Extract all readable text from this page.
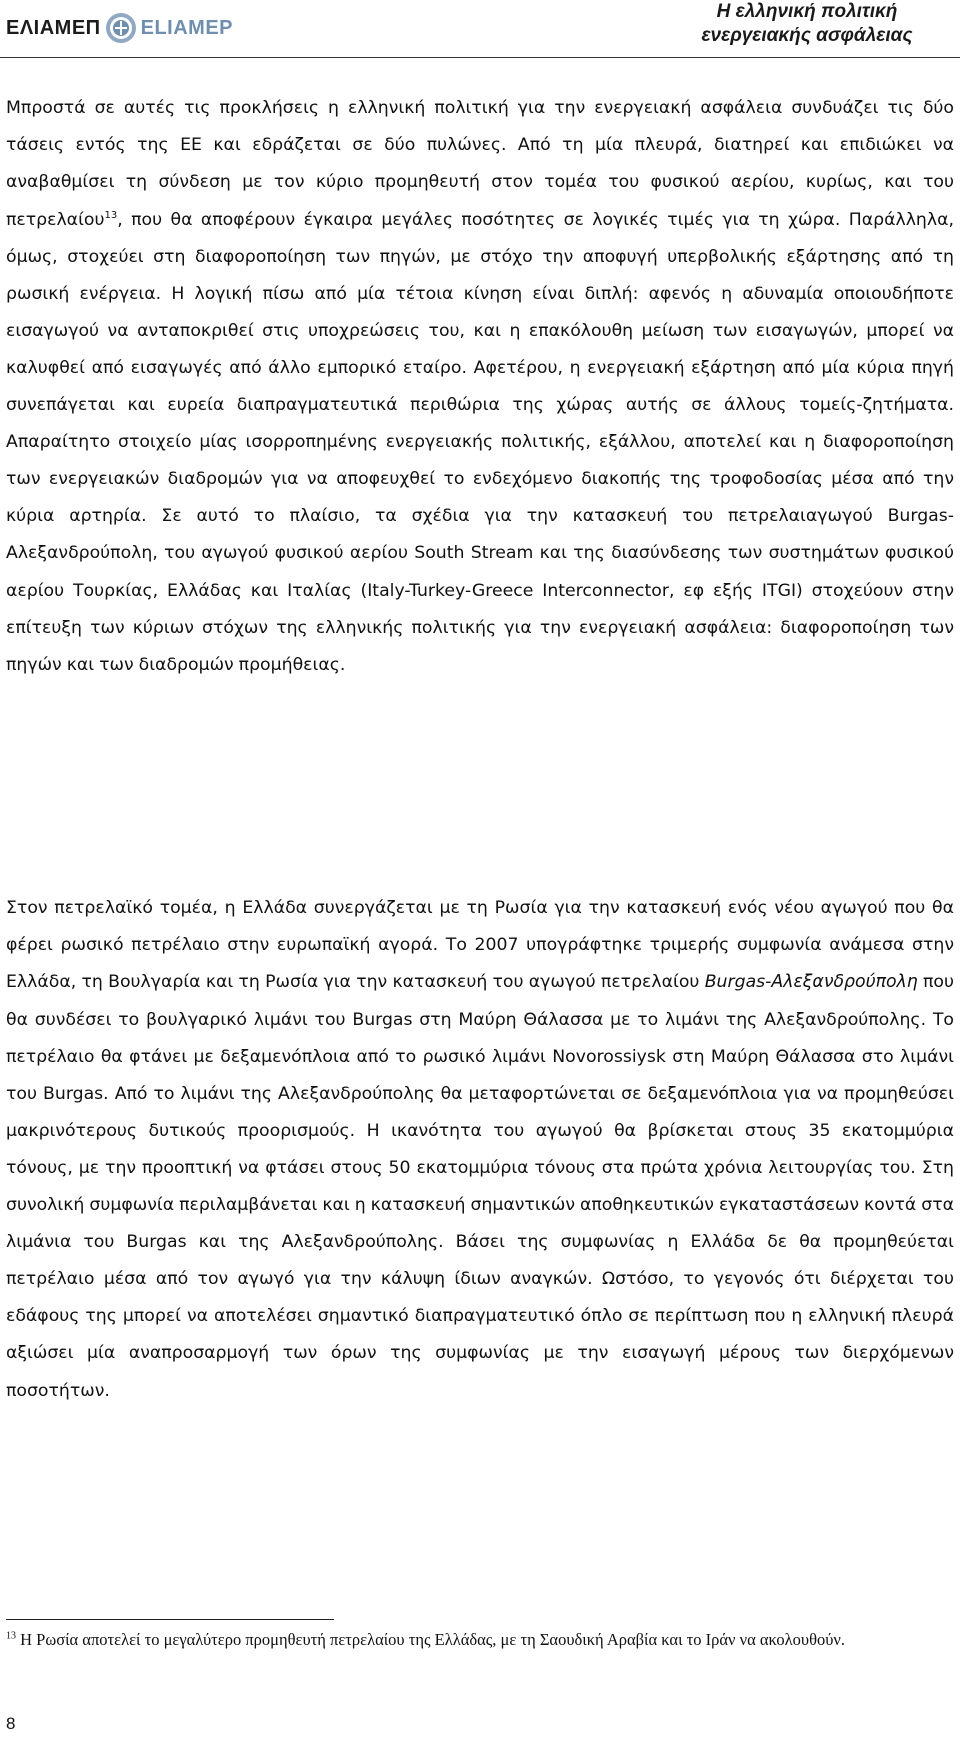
ΕΛΙΑΜΕΠ ELIAMEP
Η ελληνική πολιτική ενεργειακής ασφάλειας

Μπροστά σε αυτές τις προκλήσεις η ελληνική πολιτική για την ενεργειακή ασφάλεια συνδυάζει τις δύο τάσεις εντός της ΕΕ και εδράζεται σε δύο πυλώνες. Από τη μία πλευρά, διατηρεί και επιδιώκει να αναβαθμίσει τη σύνδεση με τον κύριο προμηθευτή στον τομέα του φυσικού αερίου, κυρίως, και του πετρελαίου$^{13}$, που θα αποφέρουν έγκαιρα μεγάλες ποσότητες σε λογικές τιμές για τη χώρα. Παράλληλα, όμως, στοχεύει στη διαφοροποίηση των πηγών, με στόχο την αποφυγή υπερβολικής εξάρτησης από τη ρωσική ενέργεια. Η λογική πίσω από μία τέτοια κίνηση είναι διπλή: αφενός η αδυναμία οποιουδήποτε εισαγωγού να ανταποκριθεί στις υποχρεώσεις του, και η επακόλουθη μείωση των εισαγωγών, μπορεί να καλυφθεί από εισαγωγές από άλλο εμπορικό εταίρο. Αφετέρου, η ενεργειακή εξάρτηση από μία κύρια πηγή συνεπάγεται και ευρεία διαπραγματευτικά περιθώρια της χώρας αυτής σε άλλους τομείς-ζητήματα. Απαραίτητο στοιχείο μίας ισορροπημένης ενεργειακής πολιτικής, εξάλλου, αποτελεί και η διαφοροποίηση των ενεργειακών διαδρομών για να αποφευχθεί το ενδεχόμενο διακοπής της τροφοδοσίας μέσα από την κύρια αρτηρία. Σε αυτό το πλαίσιο, τα σχέδια για την κατασκευή του πετρελαιαγωγού Burgas-Αλεξανδρούπολη, του αγωγού φυσικού αερίου South Stream και της διασύνδεσης των συστημάτων φυσικού αερίου Τουρκίας, Ελλάδας και Ιταλίας (Italy-Turkey-Greece Interconnector, εφ εξής ITGI) στοχεύουν στην επίτευξη των κύριων στόχων της ελληνικής πολιτικής για την ενεργειακή ασφάλεια: διαφοροποίηση των πηγών και των διαδρομών προμήθειας.

Στον πετρελαϊκό τομέα, η Ελλάδα συνεργάζεται με τη Ρωσία για την κατασκευή ενός νέου αγωγού που θα φέρει ρωσικό πετρέλαιο στην ευρωπαϊκή αγορά. Το 2007 υπογράφτηκε τριμερής συμφωνία ανάμεσα στην Ελλάδα, τη Βουλγαρία και τη Ρωσία για την κατασκευή του αγωγού πετρελαίου Burgas-Αλεξανδρούπολη που θα συνδέσει το βουλγαρικό λιμάνι του Burgas στη Μαύρη Θάλασσα με το λιμάνι της Αλεξανδρούπολης. Το πετρέλαιο θα φτάνει με δεξαμενόπλοια από το ρωσικό λιμάνι Novorossiysk στη Μαύρη Θάλασσα στο λιμάνι του Burgas. Από το λιμάνι της Αλεξανδρούπολης θα μεταφορτώνεται σε δεξαμενόπλοια για να προμηθεύσει μακρινότερους δυτικούς προορισμούς. Η ικανότητα του αγωγού θα βρίσκεται στους 35 εκατομμύρια τόνους, με την προοπτική να φτάσει στους 50 εκατομμύρια τόνους στα πρώτα χρόνια λειτουργίας του. Στη συνολική συμφωνία περιλαμβάνεται και η κατασκευή σημαντικών αποθηκευτικών εγκαταστάσεων κοντά στα λιμάνια του Burgas και της Αλεξανδρούπολης. Βάσει της συμφωνίας η Ελλάδα δε θα προμηθεύεται πετρέλαιο μέσα από τον αγωγό για την κάλυψη ίδιων αναγκών. Ωστόσο, το γεγονός ότι διέρχεται του εδάφους της μπορεί να αποτελέσει σημαντικό διαπραγματευτικό όπλο σε περίπτωση που η ελληνική πλευρά αξιώσει μία αναπροσαρμογή των όρων της συμφωνίας με την εισαγωγή μέρους των διερχόμενων ποσοτήτων.

$^{13}$ Η Ρωσία αποτελεί το μεγαλύτερο προμηθευτή πετρελαίου της Ελλάδας, με τη Σαουδική Αραβία και το Ιράν να ακολουθούν.
8
